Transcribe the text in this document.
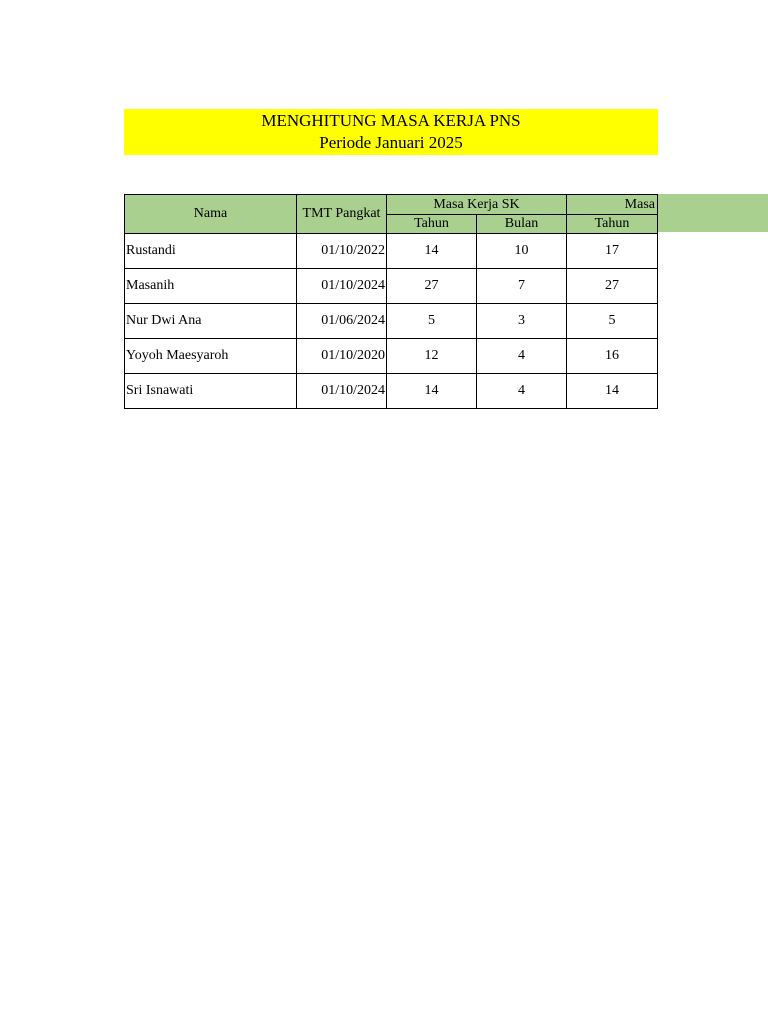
MENGHITUNG MASA KERJA PNS
Periode Januari 2025
Nama	TMT Pangkat	Masa Kerja SK		Masa
		Tahun	Bulan	Tahun
Rustandi	01/10/2022	14	10	17
Masanih	01/10/2024	27	7	27
Nur Dwi Ana	01/06/2024	5	3	5
Yoyoh Maesyaroh	01/10/2020	12	4	16
Sri Isnawati	01/10/2024	14	4	14
